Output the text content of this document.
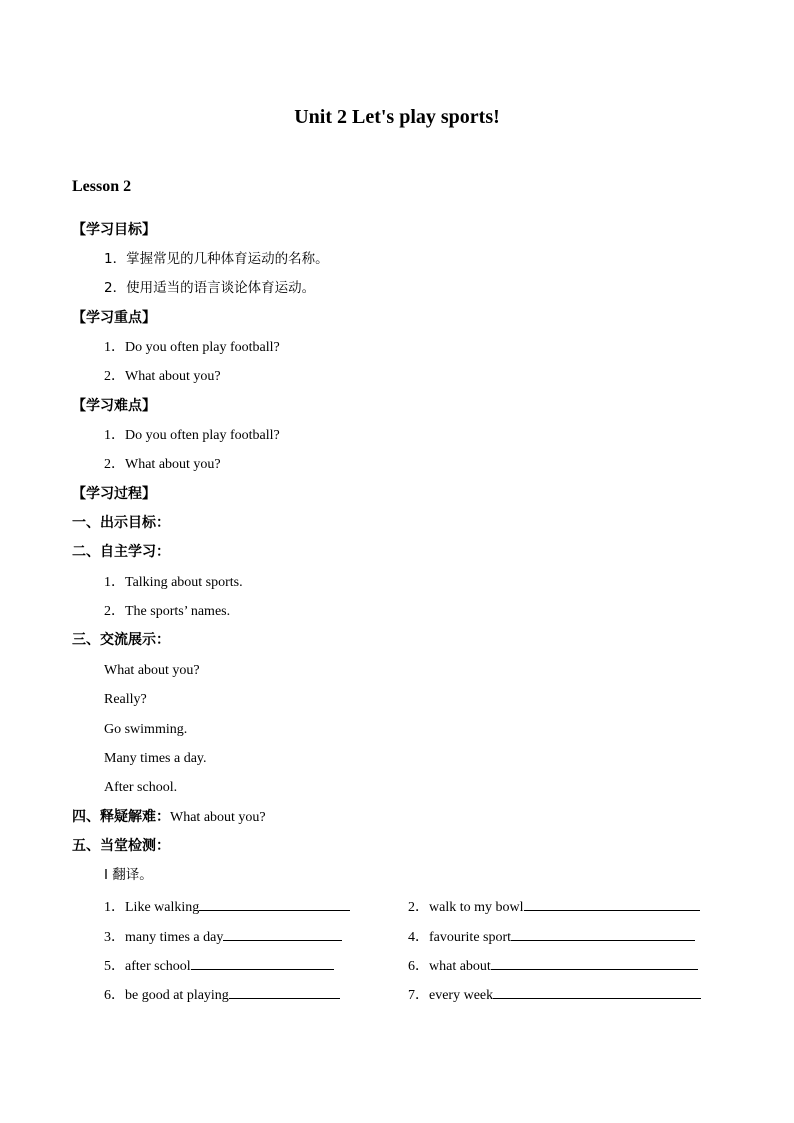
Unit 2 Let's play sports!
Lesson 2
【学习目标】
1．掌握常见的几种体育运动的名称。
2．使用适当的语言谈论体育运动。
【学习重点】
1．Do you often play football?
2．What about you?
【学习难点】
1．Do you often play football?
2．What about you?
【学习过程】
一、出示目标：
二、自主学习：
1．Talking about sports.
2．The sports’ names.
三、交流展示：
What about you?
Really?
Go swimming.
Many times a day.
After school.
四、释疑解难：What about you?
五、当堂检测：
I 翻译。
1．Like walking	2．walk to my bowl
3．many times a day	4．favourite sport
5．after school	6．what about
6．be good at playing	7．every week
